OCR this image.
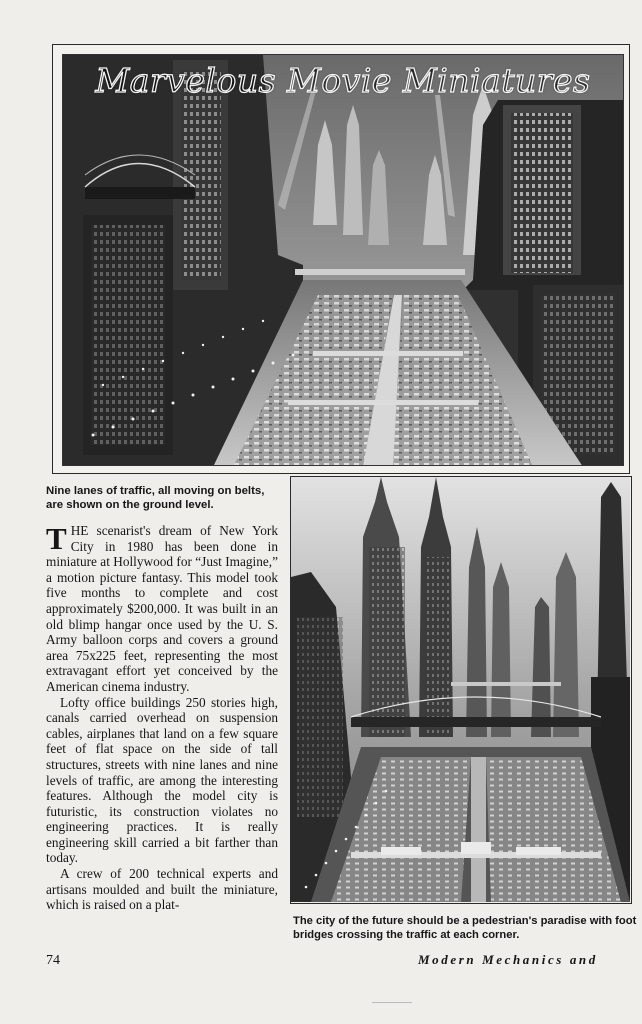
Marvelous Movie Miniatures
Nine lanes of traffic, all moving on belts, are shown on the ground level.

THE scenarist's dream of New York City in 1980 has been done in miniature at Hollywood for “Just Imagine,” a motion picture fantasy. This model took five months to complete and cost approximately $200,000. It was built in an old blimp hangar once used by the U. S. Army balloon corps and covers a ground area 75x225 feet, representing the most extravagant effort yet conceived by the American cinema industry.

Lofty office buildings 250 stories high, canals carried overhead on suspension cables, airplanes that land on a few square feet of flat space on the side of tall structures, streets with nine lanes and nine levels of traffic, are among the interesting features. Although the model city is futuristic, its construction violates no engineering practices. It is really engineering skill carried a bit farther than today.

A crew of 200 technical experts and artisans moulded and built the miniature, which is raised on a plat-

The city of the future should be a pedestrian's paradise with foot bridges crossing the traffic at each corner.
74	Modern Mechanics and
